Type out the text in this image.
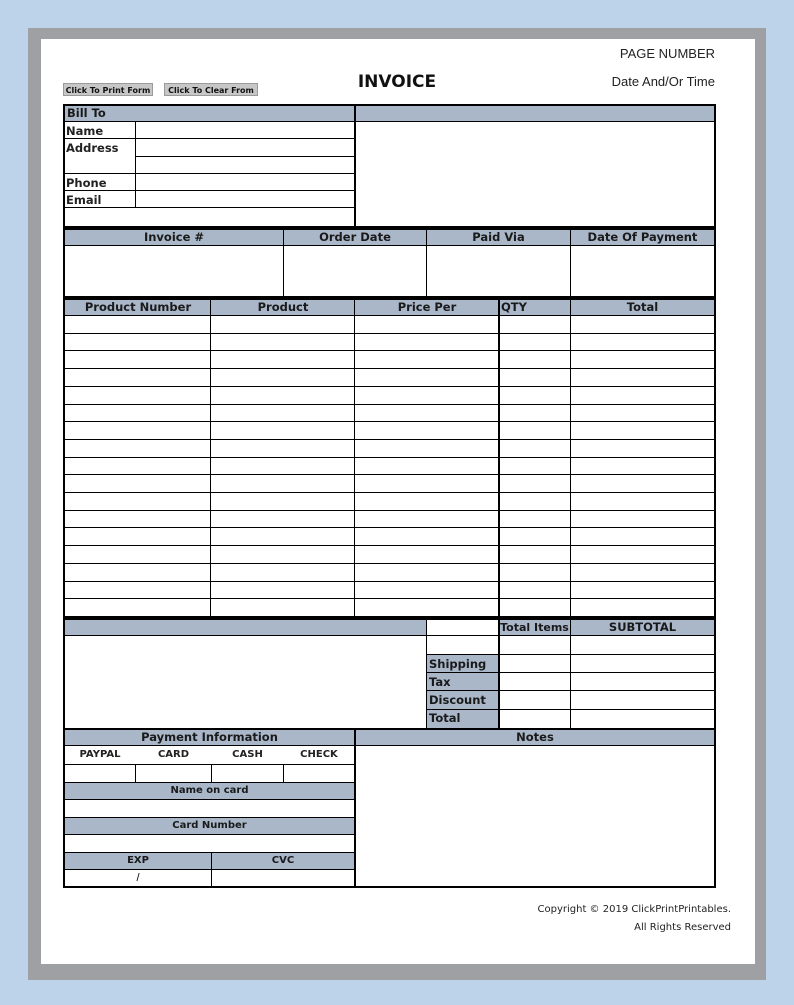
PAGE NUMBER
Date And/Or Time
INVOICE
Click To Print Form	Click To Clear From
Bill To
Name
Address
Phone
Email
Invoice #	Order Date	Paid Via	Date Of Payment
Product Number	Product	Price Per	QTY	Total
Total Items	SUBTOTAL
Shipping
Tax
Discount
Total
Payment Information	Notes
PAYPAL	CARD	CASH	CHECK
Name on card
Card Number
EXP	CVC
/
Copyright © 2019 ClickPrintPrintables.
All Rights Reserved
